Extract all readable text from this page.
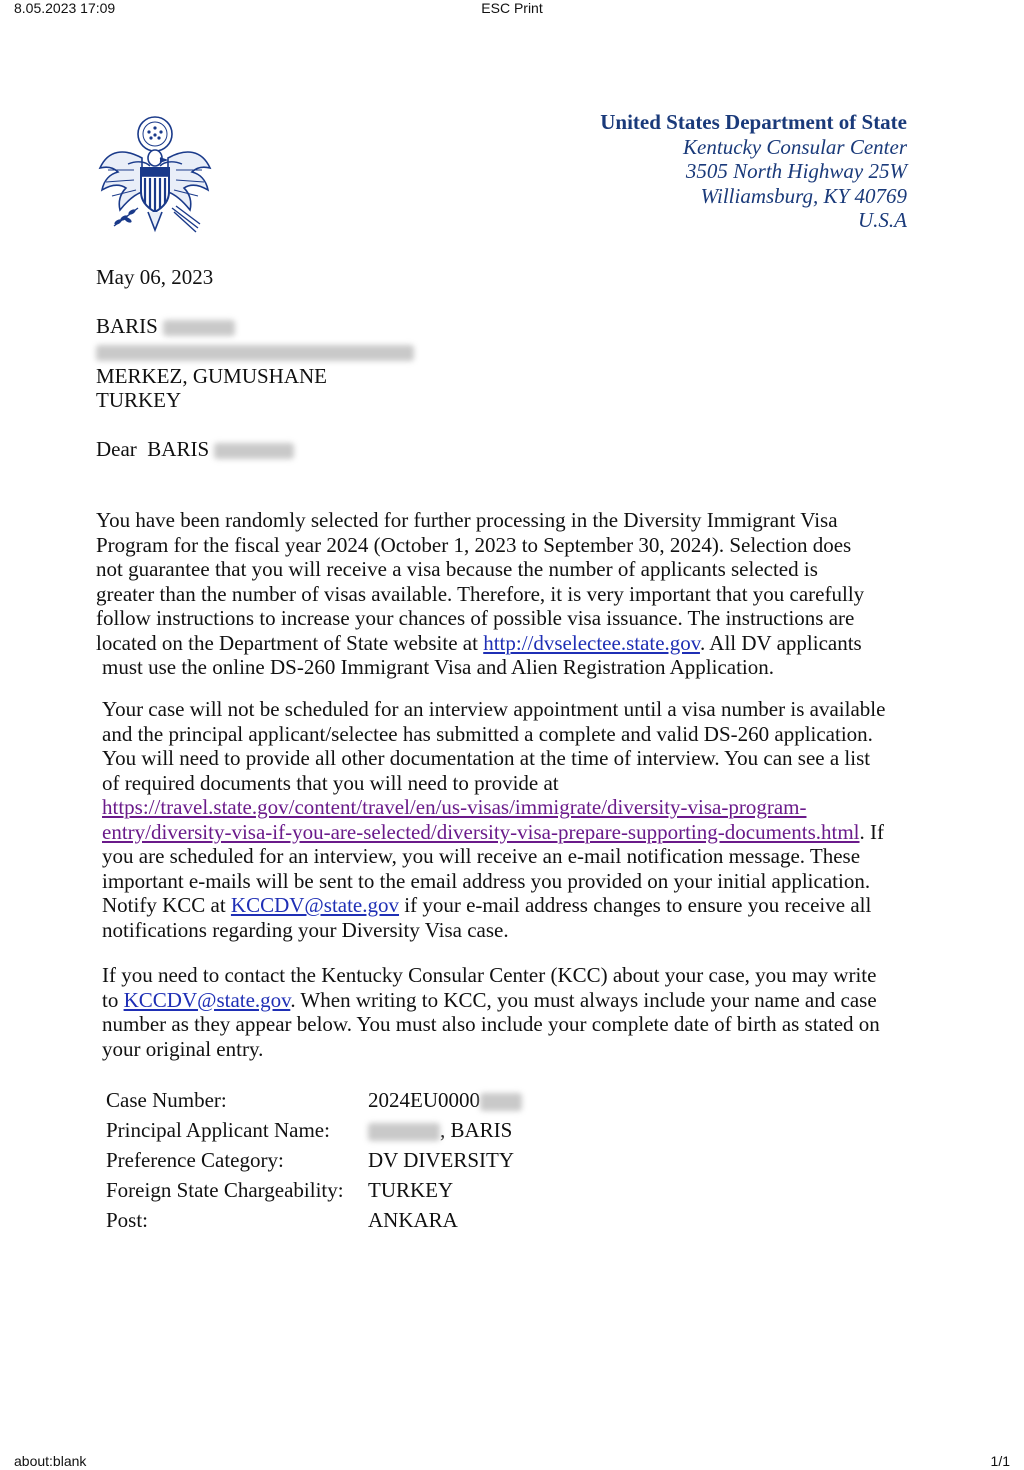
8.05.2023 17:09	ESC Print
about:blank	1/1
United States Department of State
Kentucky Consular Center
3505 North Highway 25W
Williamsburg, KY 40769
U.S.A
May 06, 2023
BARIS
MERKEZ, GUMUSHANE
TURKEY
Dear  BARIS
You have been randomly selected for further processing in the Diversity Immigrant Visa
Program for the fiscal year 2024 (October 1, 2023 to September 30, 2024). Selection does
not guarantee that you will receive a visa because the number of applicants selected is
greater than the number of visas available. Therefore, it is very important that you carefully
follow instructions to increase your chances of possible visa issuance. The instructions are
located on the Department of State website at http://dvselectee.state.gov. All DV applicants
must use the online DS-260 Immigrant Visa and Alien Registration Application.
Your case will not be scheduled for an interview appointment until a visa number is available
and the principal applicant/selectee has submitted a complete and valid DS-260 application.
You will need to provide all other documentation at the time of interview. You can see a list
of required documents that you will need to provide at
https://travel.state.gov/content/travel/en/us-visas/immigrate/diversity-visa-program-
entry/diversity-visa-if-you-are-selected/diversity-visa-prepare-supporting-documents.html. If
you are scheduled for an interview, you will receive an e-mail notification message. These
important e-mails will be sent to the email address you provided on your initial application.
Notify KCC at KCCDV@state.gov if your e-mail address changes to ensure you receive all
notifications regarding your Diversity Visa case.
If you need to contact the Kentucky Consular Center (KCC) about your case, you may write
to KCCDV@state.gov. When writing to KCC, you must always include your name and case
number as they appear below. You must also include your complete date of birth as stated on
your original entry.
Case Number:	2024EU0000
Principal Applicant Name:	, BARIS
Preference Category:	DV DIVERSITY
Foreign State Chargeability: TURKEY
Post:	ANKARA
